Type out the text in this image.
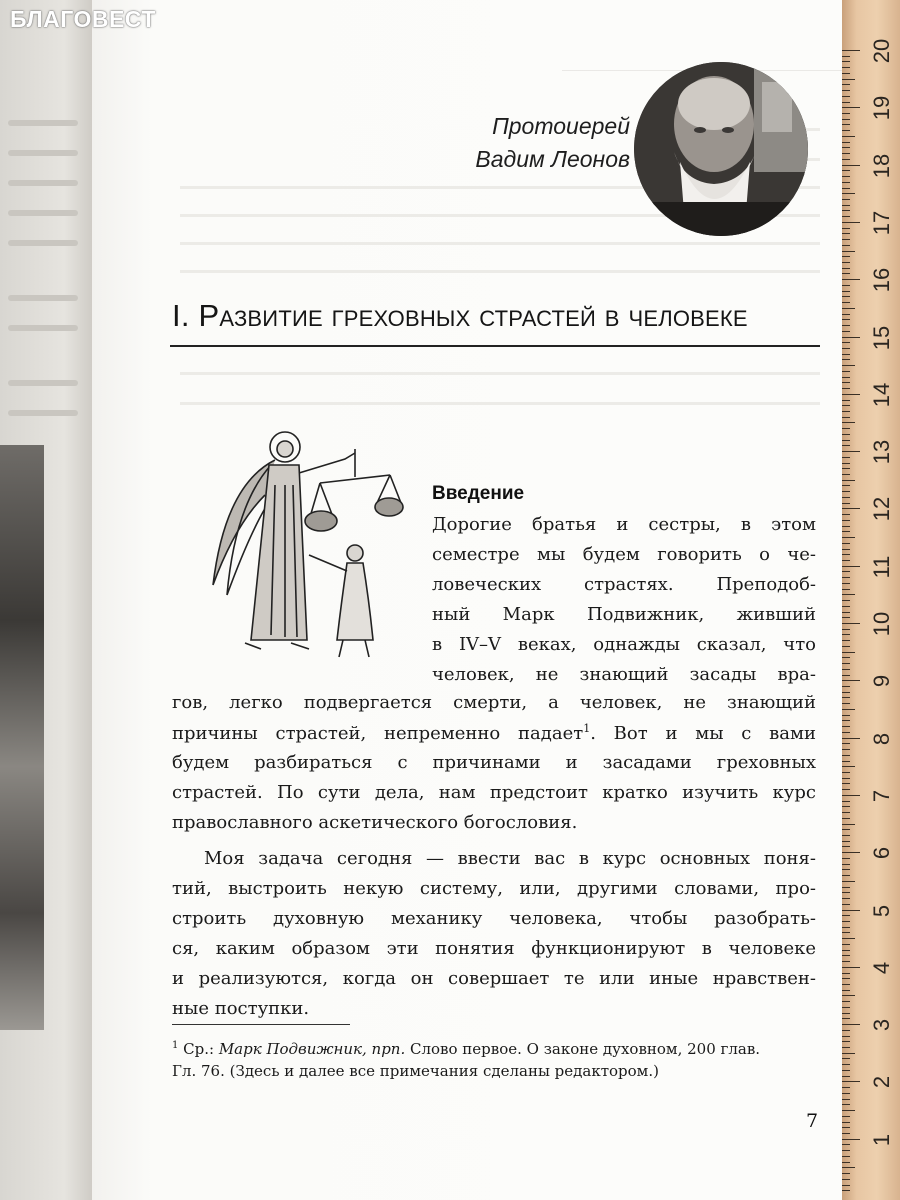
БЛАГОВЕСТ
Протоиерей
Вадим Леонов
I. Развитие греховных страстей в человеке
Введение
Дорогие братья и сестры, в этом
семестре мы будем говорить о че-
ловеческих страстях. Преподоб-
ный Марк Подвижник, живший
в IV–V веках, однажды сказал, что
человек, не знающий засады вра-
гов, легко подвергается смерти, а человек, не знающий
причины страстей, непременно падает$^1$. Вот и мы с вами
будем разбираться с причинами и засадами греховных
страстей. По сути дела, нам предстоит кратко изучить курс
православного аскетического богословия.
Моя задача сегодня — ввести вас в курс основных поня-
тий, выстроить некую систему, или, другими словами, про-
строить духовную механику человека, чтобы разобрать-
ся, каким образом эти понятия функционируют в человеке
и реализуются, когда он совершает те или иные нравствен-
ные поступки.
$^1$ Ср.: Марк Подвижник, прп. Слово первое. О законе духовном, 200 глав.
Гл. 76. (Здесь и далее все примечания сделаны редактором.)
7
20
19
18
17
16
15
14
13
12
11
10
9
8
7
6
5
4
3
2
1
